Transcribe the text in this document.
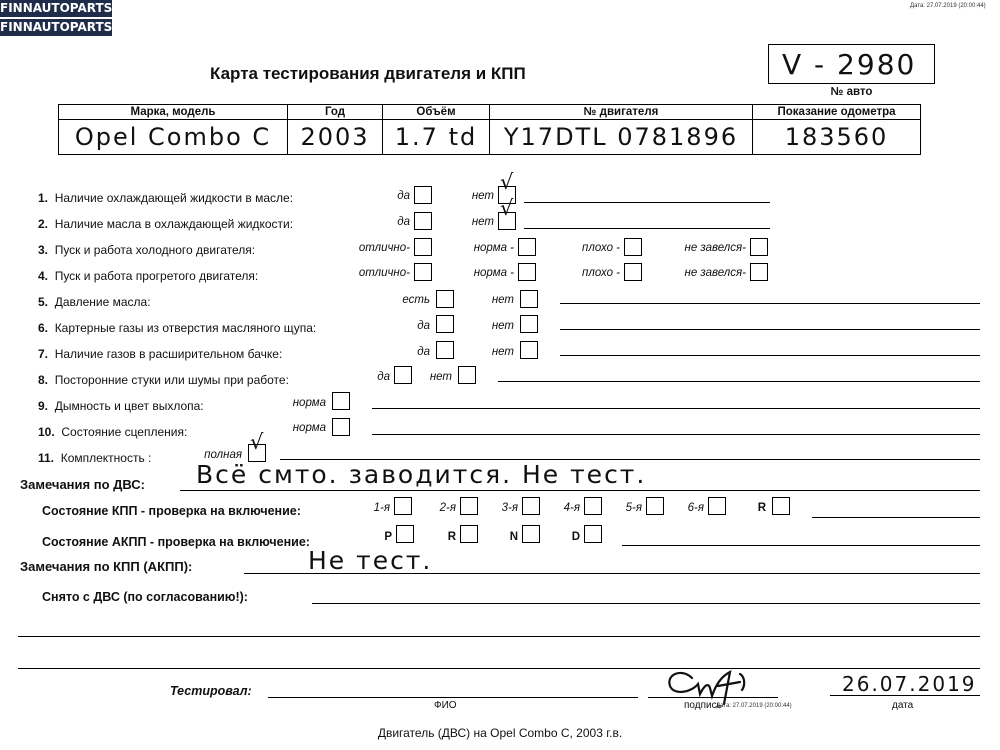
FINNAUTOPARTS
FINNAUTOPARTS
Дата: 27.07.2019 (20:00:44)
Карта тестирования двигателя и КПП	V - 2980
№ авто
Марка, модель	Год	Объём	№ двигателя	Показание одометра
Opel Combo C	2003	1.7 td	Y17DTL 0781896	183560
1. Наличие охлаждающей жидкости в масле:	да	нет
√
2. Наличие масла в охлаждающей жидкости:	да	нет
√
3. Пуск и работа холодного двигателя:	отлично-	норма -	плохо -	не завелся-
4. Пуск и работа прогретого двигателя:	отлично-	норма -	плохо -	не завелся-
5. Давление масла:	есть	нет
6. Картерные газы из отверстия масляного щупа:	да	нет
7. Наличие газов в расширительном бачке:	да	нет
8. Посторонние стуки или шумы при работе:	да	нет
9. Дымность и цвет выхлопа:	норма
10. Состояние сцепления:	норма
11. Комплектность :	полная
√
Замечания по ДВС: Всё смто. заводится. Не тест.
Состояние КПП - проверка на включение:	1-я	2-я	3-я	4-я	5-я	6-я	R
Состояние АКПП - проверка на включение:	P	R	N	D
Замечания по КПП (АКПП):	Не тест.
Снято с ДВС (по согласованию!):
Тестировал:
ФИО	подпись
Дата: 27.07.2019 (20:00:44)
26.07.2019
дата
Двигатель (ДВС) на Opel Combo C, 2003 г.в.
